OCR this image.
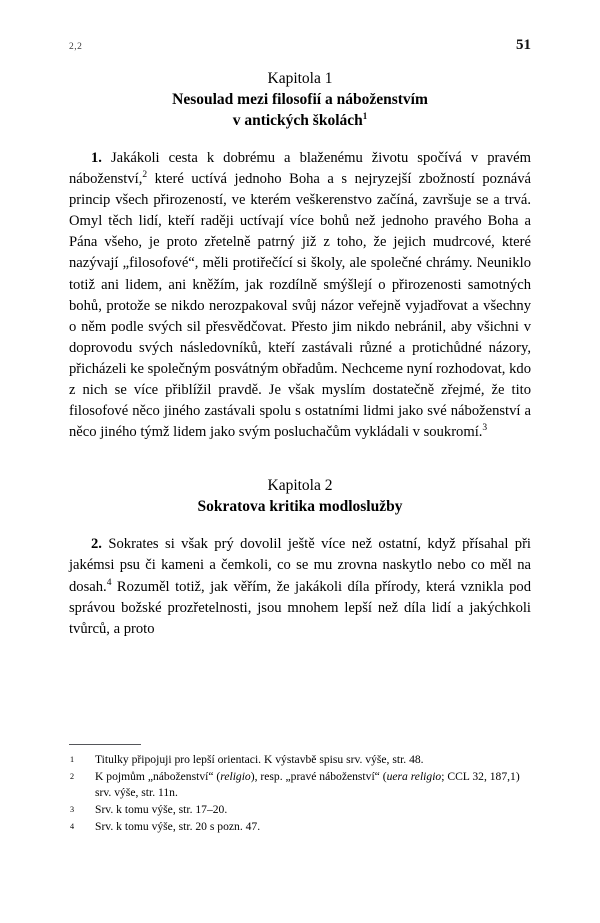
2,2	51
Kapitola 1
Nesoulad mezi filosofií a náboženstvím
v antických školách$^1$

1. Jakákoli cesta k dobrému a blaženému životu spočívá v pravém náboženství,$^2$ které uctívá jednoho Boha a s nejryzejší zbožností poznává princip všech přirozeností, ve kterém veškerenstvo začíná, završuje se a trvá. Omyl těch lidí, kteří raději uctívají více bohů než jednoho pravého Boha a Pána všeho, je proto zřetelně patrný již z toho, že jejich mudrcové, které nazývají „filosofové“, měli protiřečící si školy, ale společné chrámy. Neuniklo totiž ani lidem, ani kněžím, jak rozdílně smýšlejí o přirozenosti samotných bohů, protože se nikdo nerozpakoval svůj názor veřejně vyjadřovat a všechny o něm podle svých sil přesvědčovat. Přesto jim nikdo nebránil, aby všichni v doprovodu svých následovníků, kteří zastávali různé a protichůdné názory, přicházeli ke společným posvátným obřadům. Nechceme nyní rozhodovat, kdo z nich se více přiblížil pravdě. Je však myslím dostatečně zřejmé, že tito filosofové něco jiného zastávali spolu s ostatními lidmi jako své náboženství a něco jiného týmž lidem jako svým posluchačům vykládali v soukromí.$^3$

Kapitola 2
Sokratova kritika modloslužby

2. Sokrates si však prý dovolil ještě více než ostatní, když přísahal při jakémsi psu či kameni a čemkoli, co se mu zrovna naskytlo nebo co měl na dosah.$^4$ Rozuměl totiž, jak věřím, že jakákoli díla přírody, která vznikla pod správou božské prozřetelnosti, jsou mnohem lepší než díla lidí a jakýchkoli tvůrců, a proto

1 Titulky připojuji pro lepší orientaci. K výstavbě spisu srv. výše, str. 48.
2 K pojmům „náboženství“ (religio), resp. „pravé náboženství“ (uera religio; CCL 32, 187,1) srv. výše, str. 11n.
3 Srv. k tomu výše, str. 17–20.
4 Srv. k tomu výše, str. 20 s pozn. 47.
